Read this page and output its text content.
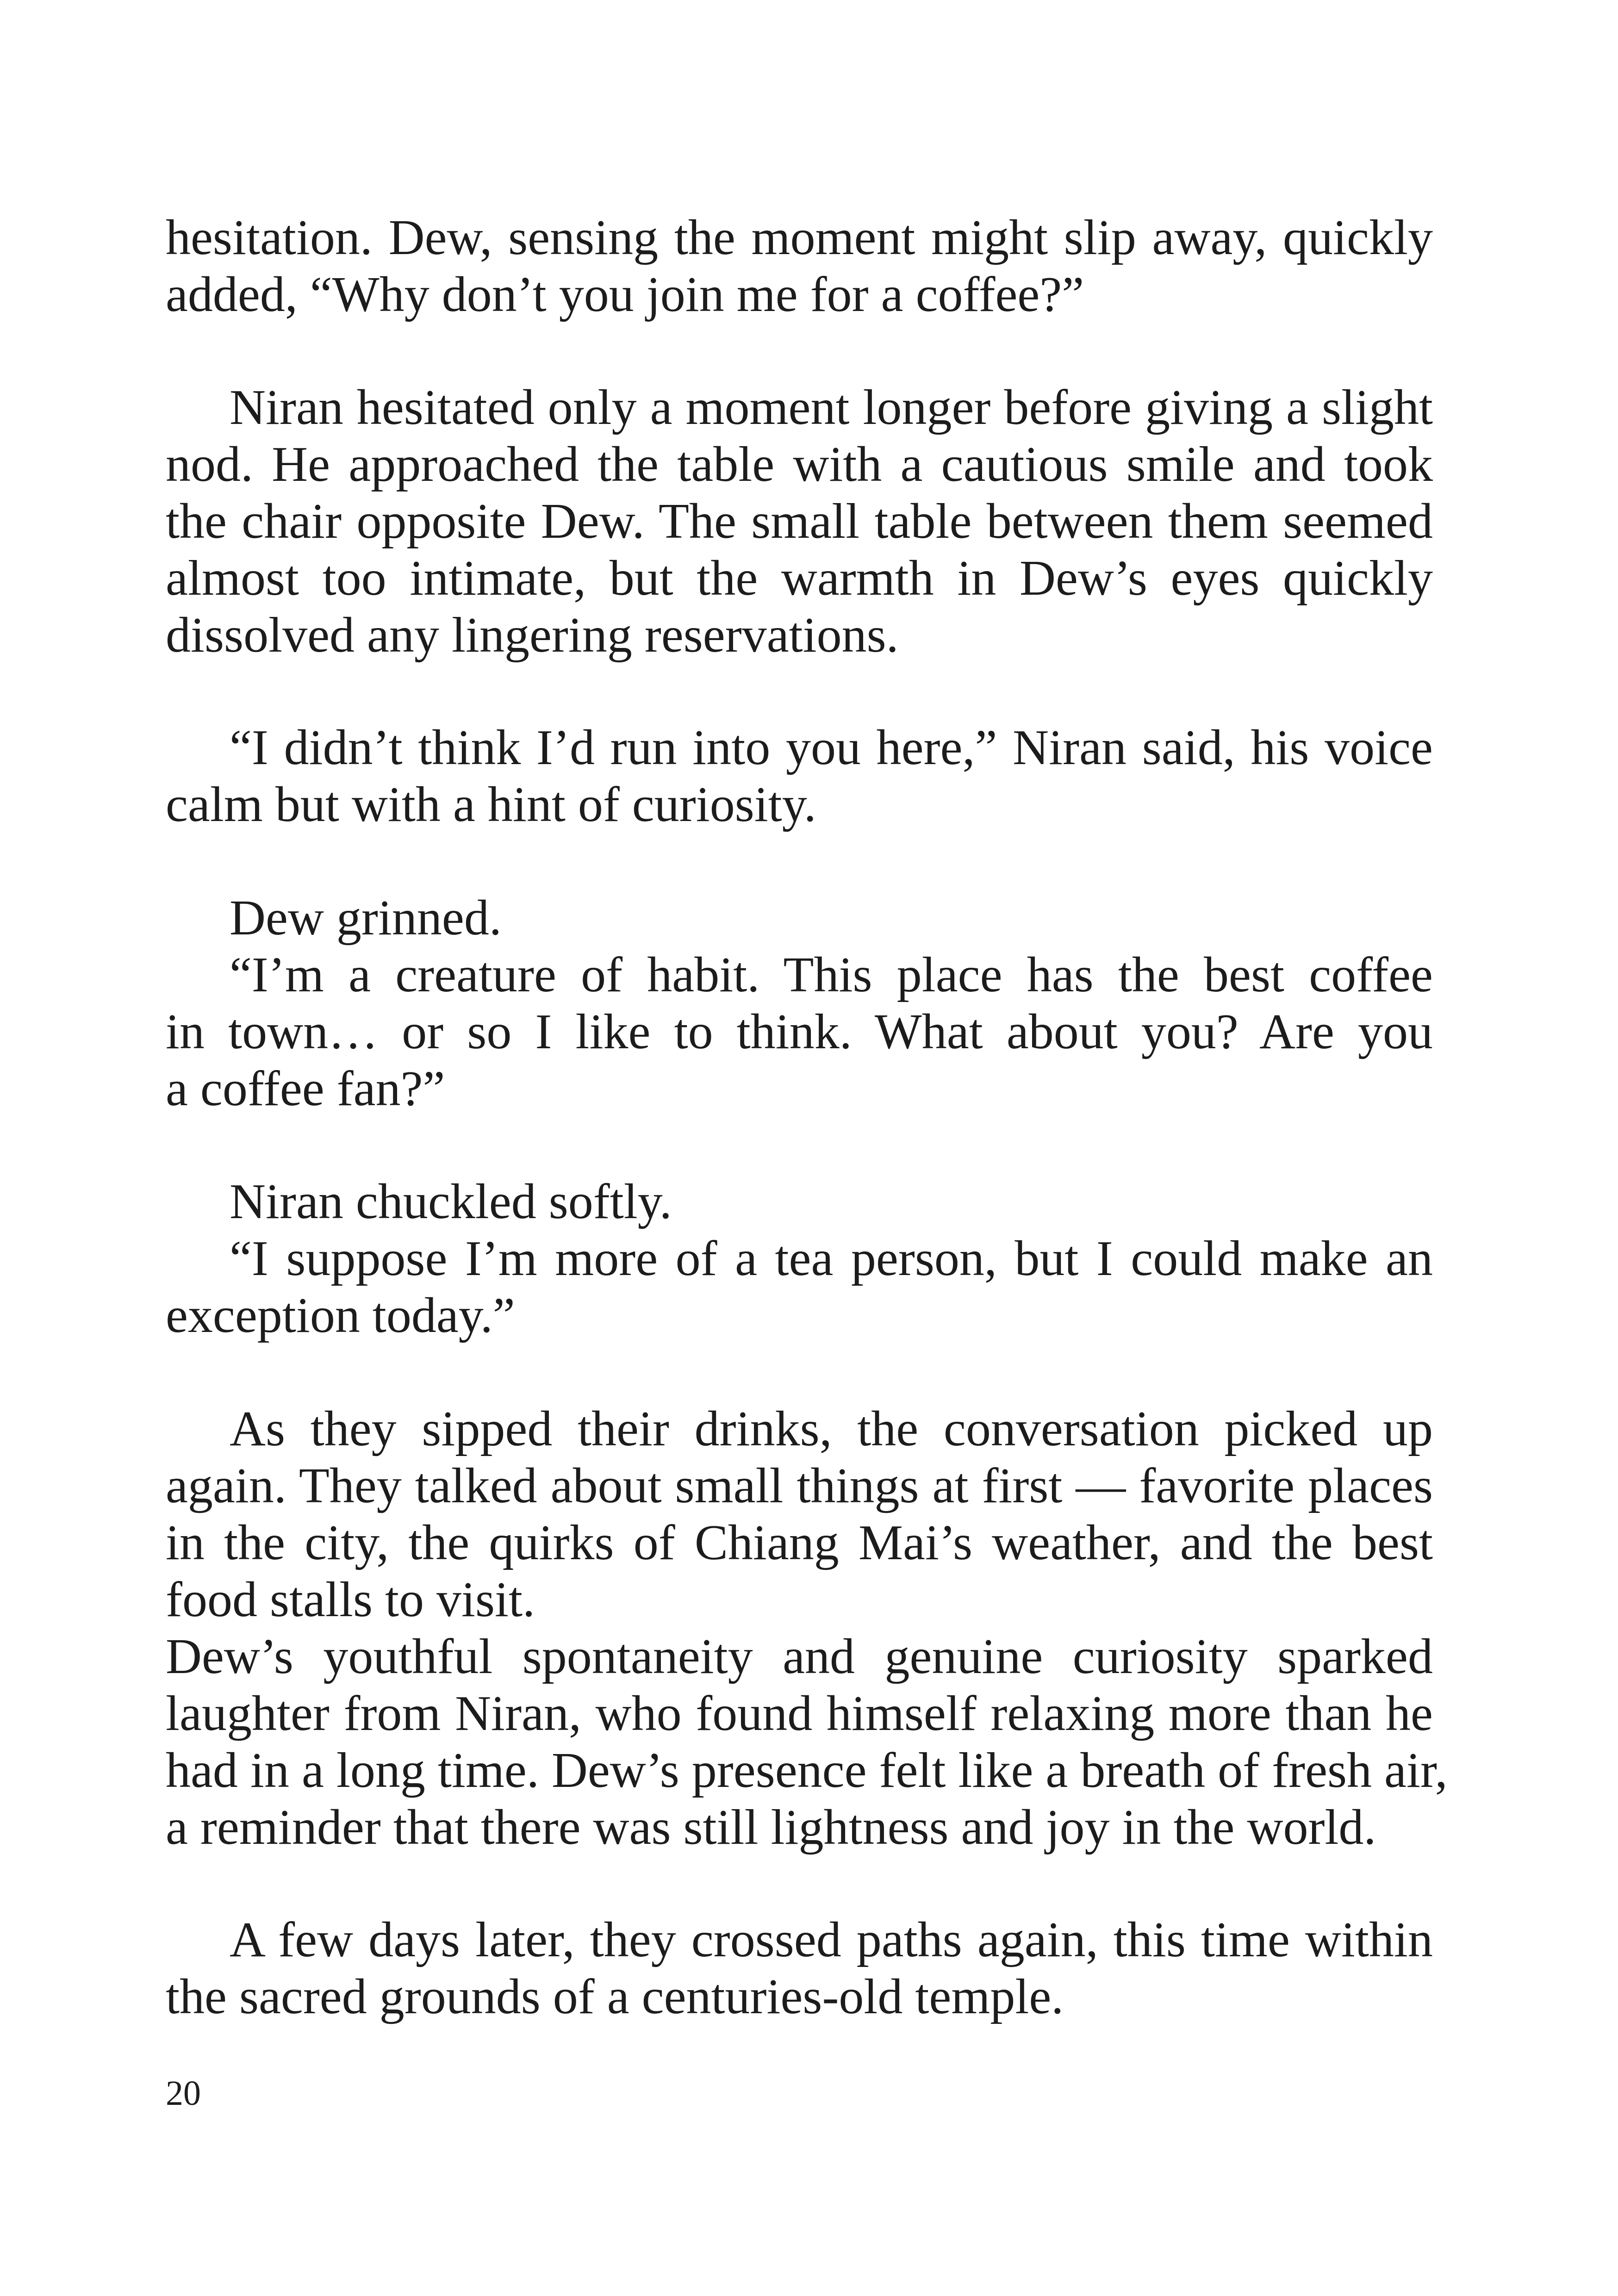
hesitation. Dew, sensing the moment might slip away, quickly
added, “Why don’t you join me for a coffee?”
Niran hesitated only a moment longer before giving a slight
nod. He approached the table with a cautious smile and took
the chair opposite Dew. The small table between them seemed
almost too intimate, but the warmth in Dew’s eyes quickly
dissolved any lingering reservations.
“I didn’t think I’d run into you here,” Niran said, his voice
calm but with a hint of curiosity.
Dew grinned.
“I’m a creature of habit. This place has the best coffee
in town… or so I like to think. What about you? Are you
a coffee fan?”
Niran chuckled softly.
“I suppose I’m more of a tea person, but I could make an
exception today.”
As they sipped their drinks, the conversation picked up
again. They talked about small things at first — favorite places
in the city, the quirks of Chiang Mai’s weather, and the best
food stalls to visit.
Dew’s youthful spontaneity and genuine curiosity sparked
laughter from Niran, who found himself relaxing more than he
had in a long time. Dew’s presence felt like a breath of fresh air,
a reminder that there was still lightness and joy in the world.
A few days later, they crossed paths again, this time within
the sacred grounds of a centuries-old temple.
20
